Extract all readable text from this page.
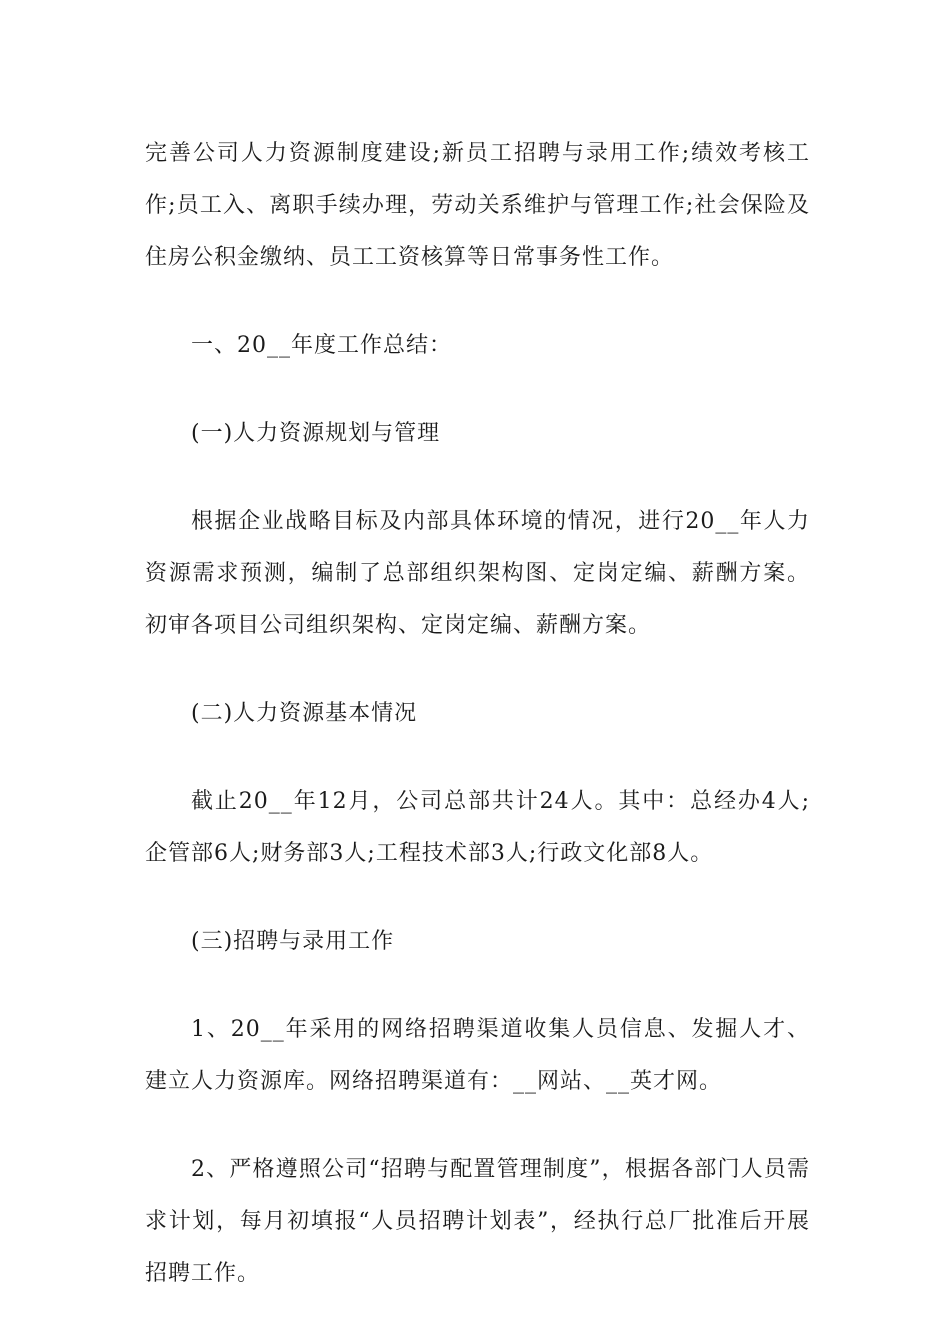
完善公司人力资源制度建设;新员工招聘与录用工作;绩效考核工作;员工入、离职手续办理，劳动关系维护与管理工作;社会保险及住房公积金缴纳、员工工资核算等日常事务性工作。

一、20__年度工作总结：

(一)人力资源规划与管理

根据企业战略目标及内部具体环境的情况，进行20__年人力资源需求预测，编制了总部组织架构图、定岗定编、薪酬方案。初审各项目公司组织架构、定岗定编、薪酬方案。

(二)人力资源基本情况

截止20__年12月，公司总部共计24人。其中：总经办4人;企管部6人;财务部3人;工程技术部3人;行政文化部8人。

(三)招聘与录用工作

1、20__年采用的网络招聘渠道收集人员信息、发掘人才、建立人力资源库。网络招聘渠道有：__网站、__英才网。

2、严格遵照公司“招聘与配置管理制度”，根据各部门人员需求计划，每月初填报“人员招聘计划表”，经执行总厂批准后开展招聘工作。
